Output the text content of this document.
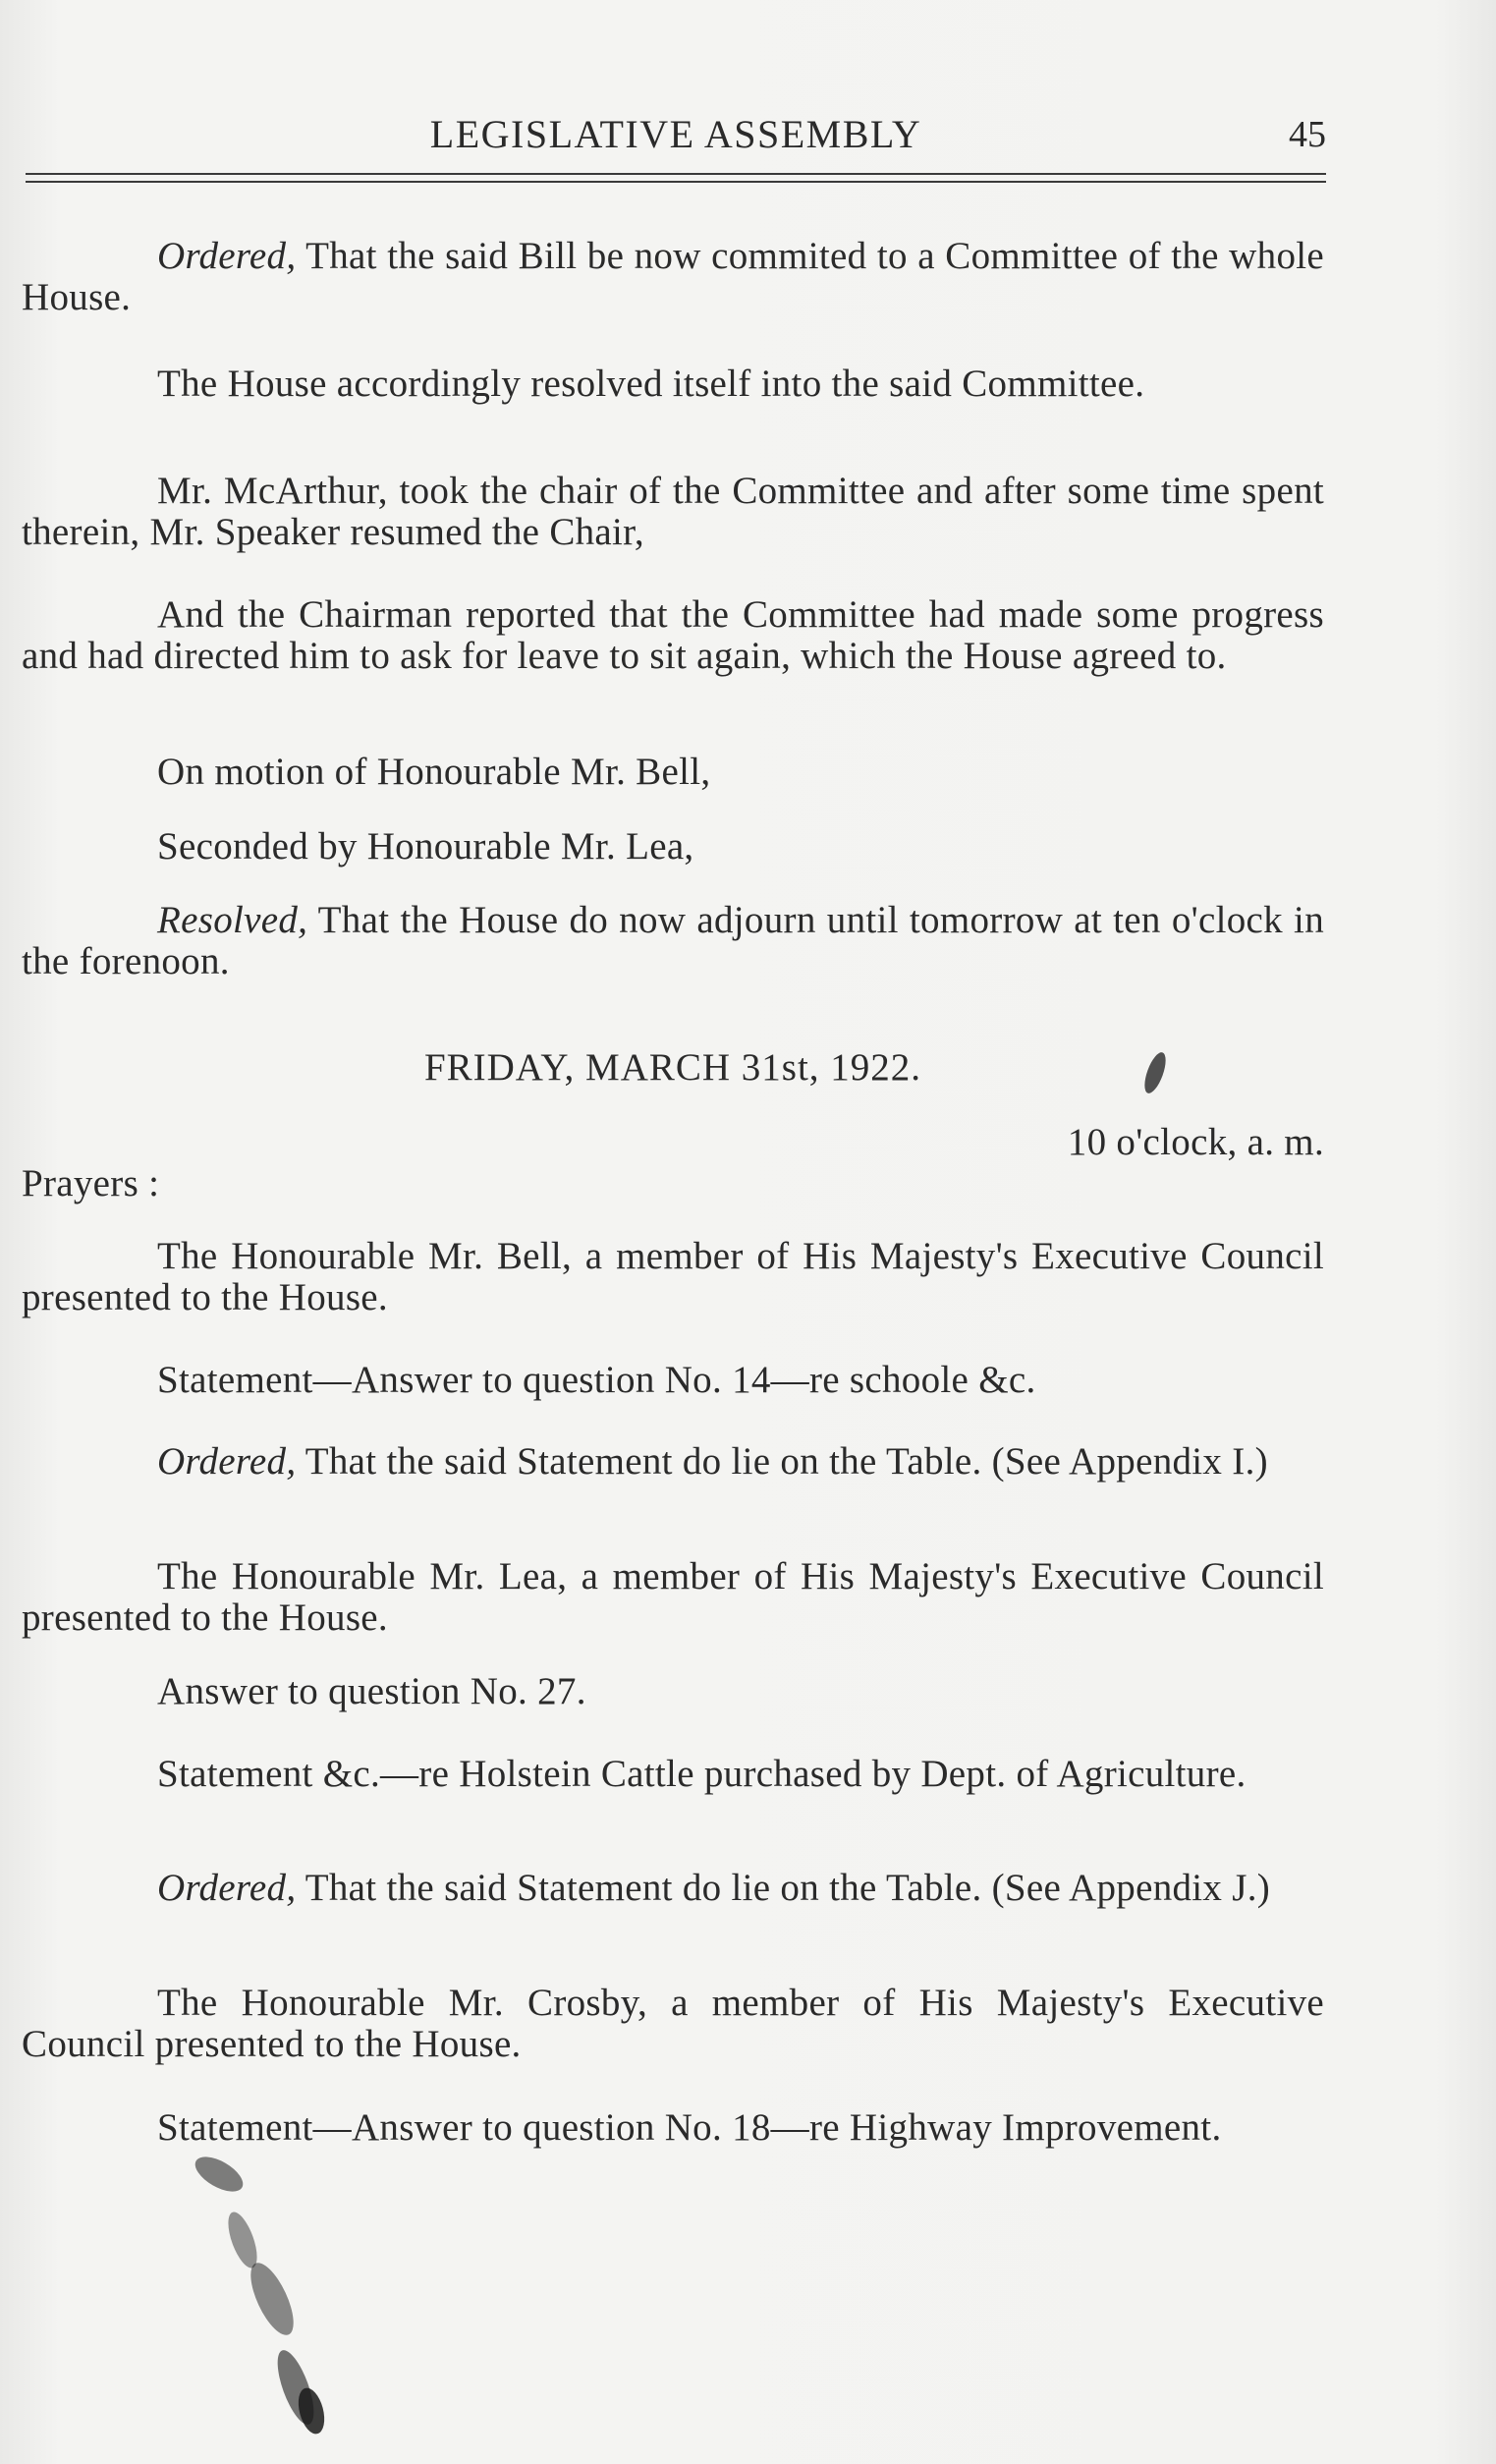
LEGISLATIVE ASSEMBLY	45
Ordered, That the said Bill be now commited to a Committee of the whole House.
The House accordingly resolved itself into the said Committee.
Mr. McArthur, took the chair of the Committee and after some time spent therein, Mr. Speaker resumed the Chair,
And the Chairman reported that the Committee had made some progress and had directed him to ask for leave to sit again, which the House agreed to.
On motion of Honourable Mr. Bell,
Seconded by Honourable Mr. Lea,
Resolved, That the House do now adjourn until tomorrow at ten o'clock in the forenoon.
FRIDAY, MARCH 31st, 1922.
10 o'clock, a. m.
Prayers :
The Honourable Mr. Bell, a member of His Majesty's Executive Council presented to the House.
Statement—Answer to question No. 14—re schoole &c.
Ordered, That the said Statement do lie on the Table. (See Appendix I.)
The Honourable Mr. Lea, a member of His Majesty's Executive Council presented to the House.
Answer to question No. 27.
Statement &c.—re Holstein Cattle purchased by Dept. of Agriculture.
Ordered, That the said Statement do lie on the Table. (See Appendix J.)
The Honourable Mr. Crosby, a member of His Majesty's Executive Council presented to the House.
Statement—Answer to question No. 18—re Highway Improvement.
